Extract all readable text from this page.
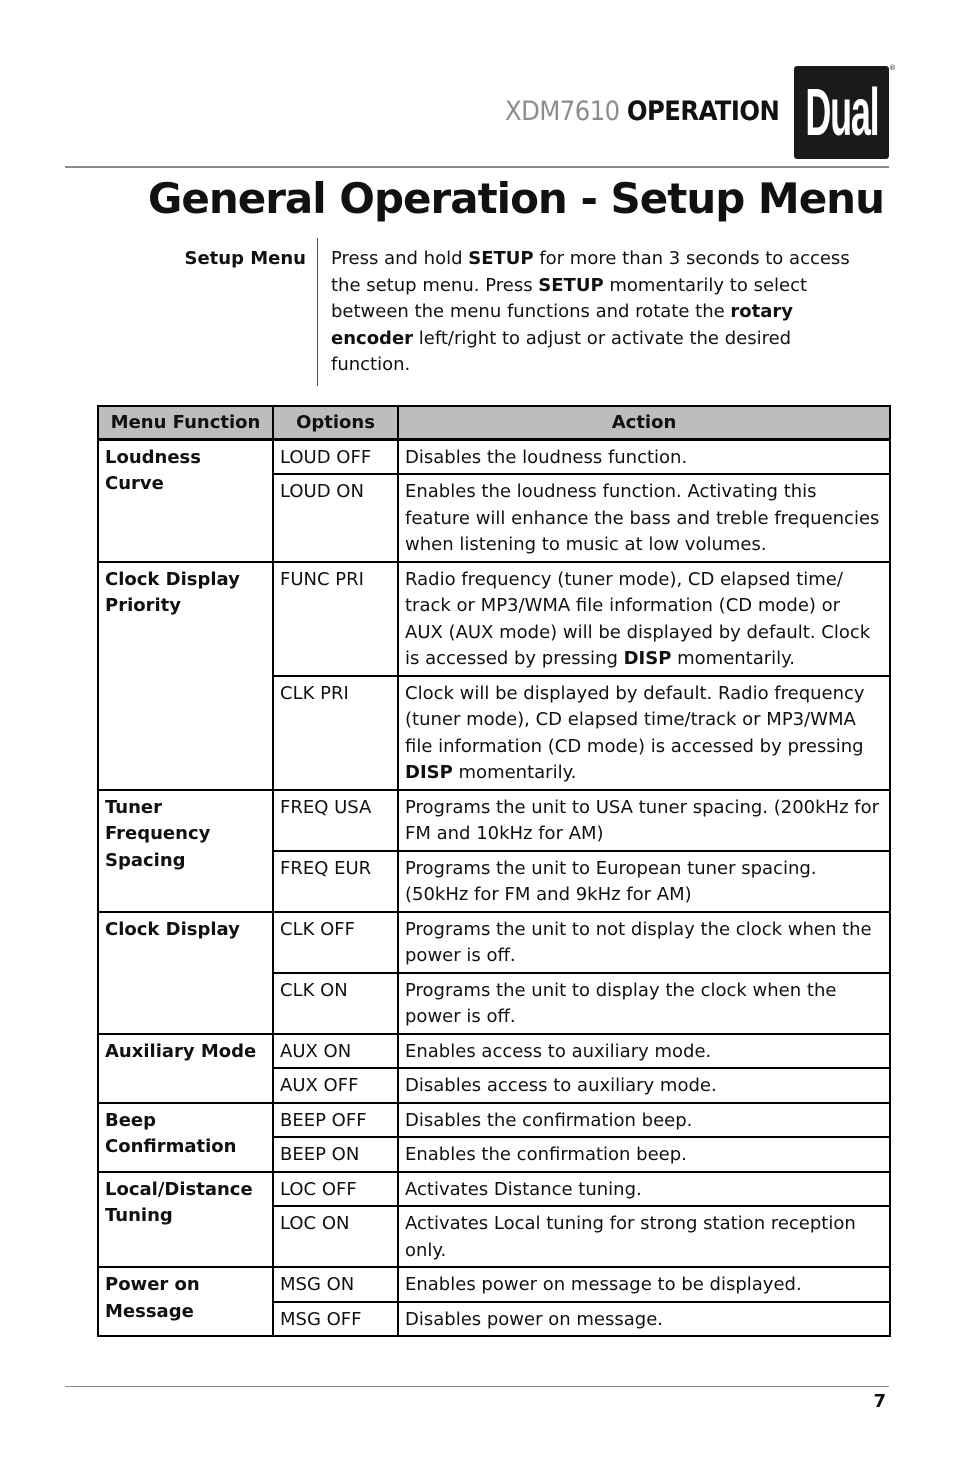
XDM7610 OPERATION Dual
®
General Operation - Setup Menu
Setup Menu Press and hold SETUP for more than 3 seconds to access the setup menu. Press SETUP momentarily to select between the menu functions and rotate the rotary encoder left/right to adjust or activate the desired function.
Menu Function	Options	Action
Loudness Curve	LOUD OFF	Disables the loudness function.
	LOUD ON	Enables the loudness function. Activating this feature will enhance the bass and treble frequencies when listening to music at low volumes.
Clock Display Priority	FUNC PRI	Radio frequency (tuner mode), CD elapsed time/ track or MP3/WMA file information (CD mode) or AUX (AUX mode) will be displayed by default. Clock is accessed by pressing DISP momentarily.
	CLK PRI	Clock will be displayed by default. Radio frequency (tuner mode), CD elapsed time/track or MP3/WMA file information (CD mode) is accessed by pressing DISP momentarily.
Tuner Frequency Spacing	FREQ USA	Programs the unit to USA tuner spacing. (200kHz for FM and 10kHz for AM)
	FREQ EUR	Programs the unit to European tuner spacing. (50kHz for FM and 9kHz for AM)
Clock Display	CLK OFF	Programs the unit to not display the clock when the power is off.
	CLK ON	Programs the unit to display the clock when the power is off.
Auxiliary Mode	AUX ON	Enables access to auxiliary mode.
	AUX OFF	Disables access to auxiliary mode.
Beep Confirmation	BEEP OFF	Disables the confirmation beep.
	BEEP ON	Enables the confirmation beep.
Local/Distance Tuning	LOC OFF	Activates Distance tuning.
	LOC ON	Activates Local tuning for strong station reception only.
Power on Message	MSG ON	Enables power on message to be displayed.
	MSG OFF	Disables power on message.
7
